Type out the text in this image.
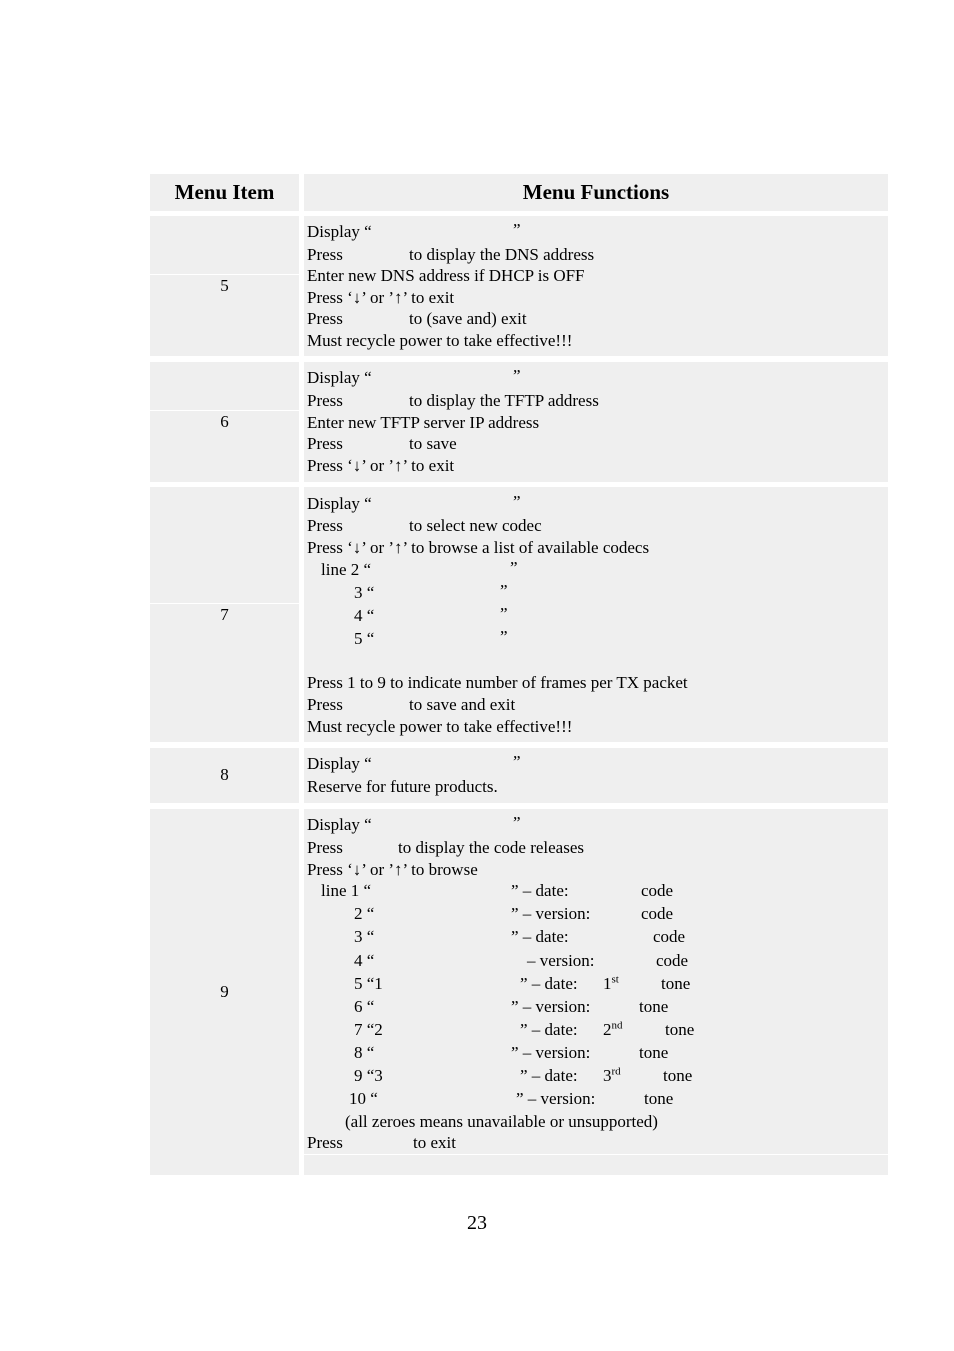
Menu Item	Menu Functions
5
Display “	”
Press	to display the DNS address
Enter new DNS address if DHCP is OFF
Press ‘↓’ or ’↑’ to exit
Press	to (save and) exit
Must recycle power to take effective!!!
6
Display “	”
Press	to display the TFTP address
Enter new TFTP server IP address
Press	to save
Press ‘↓’ or ’↑’ to exit
7
Display “	”
Press	to select new codec
Press ‘↓’ or ’↑’ to browse a list of available codecs
line 2 “	”
3 “	”
4 “	”
5 “	”
Press 1 to 9 to indicate number of frames per TX packet
Press	to save and exit
Must recycle power to take effective!!!
8
Display “	”
Reserve for future products.
9
Display “	”
Press	to display the code releases
Press ‘↓’ or ’↑’ to browse
line 1 “	” – date:	code
2 “	” – version:	code
3 “	” – date:	code
4 “	– version:	code
5 “1	” – date: 1st tone
6 “	” – version:	tone
7 “2	” – date: 2nd	tone
8 “	” – version:	tone
9 “3	” – date: 3rd tone
10 “	” – version:	tone
(all zeroes means unavailable or unsupported)
Press	to exit
23
